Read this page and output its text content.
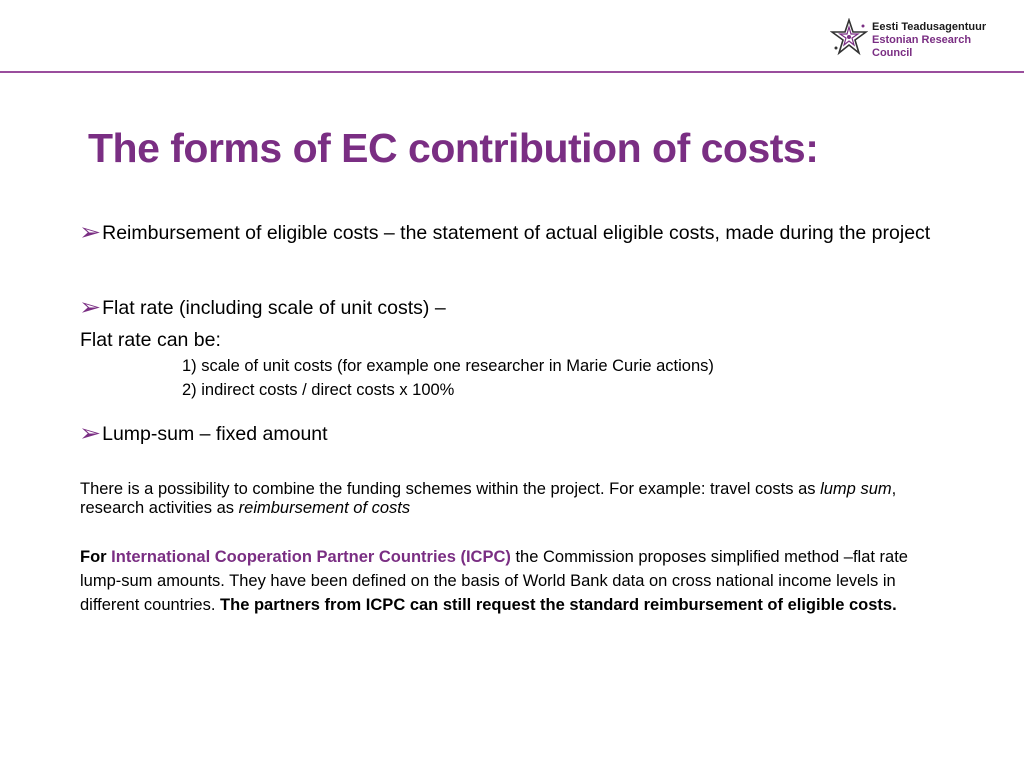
Eesti Teadusagentuur
Estonian Research Council
The forms of EC contribution of costs:

➢Reimbursement of eligible costs – the statement of actual eligible costs, made during the project

➢Flat rate (including scale of unit costs) –

Flat rate can be:

1) scale of unit costs (for example one researcher in Marie Curie actions)

2) indirect costs / direct costs x 100%

➢Lump-sum – fixed amount

There is a possibility to combine the funding schemes within the project. For example: travel costs as lump sum, research activities as reimbursement of costs

For International Cooperation Partner Countries (ICPC) the Commission proposes simplified method –flat rate lump-sum amounts. They have been defined on the basis of World Bank data on cross national income levels in different countries. The partners from ICPC can still request the standard reimbursement of eligible costs.
